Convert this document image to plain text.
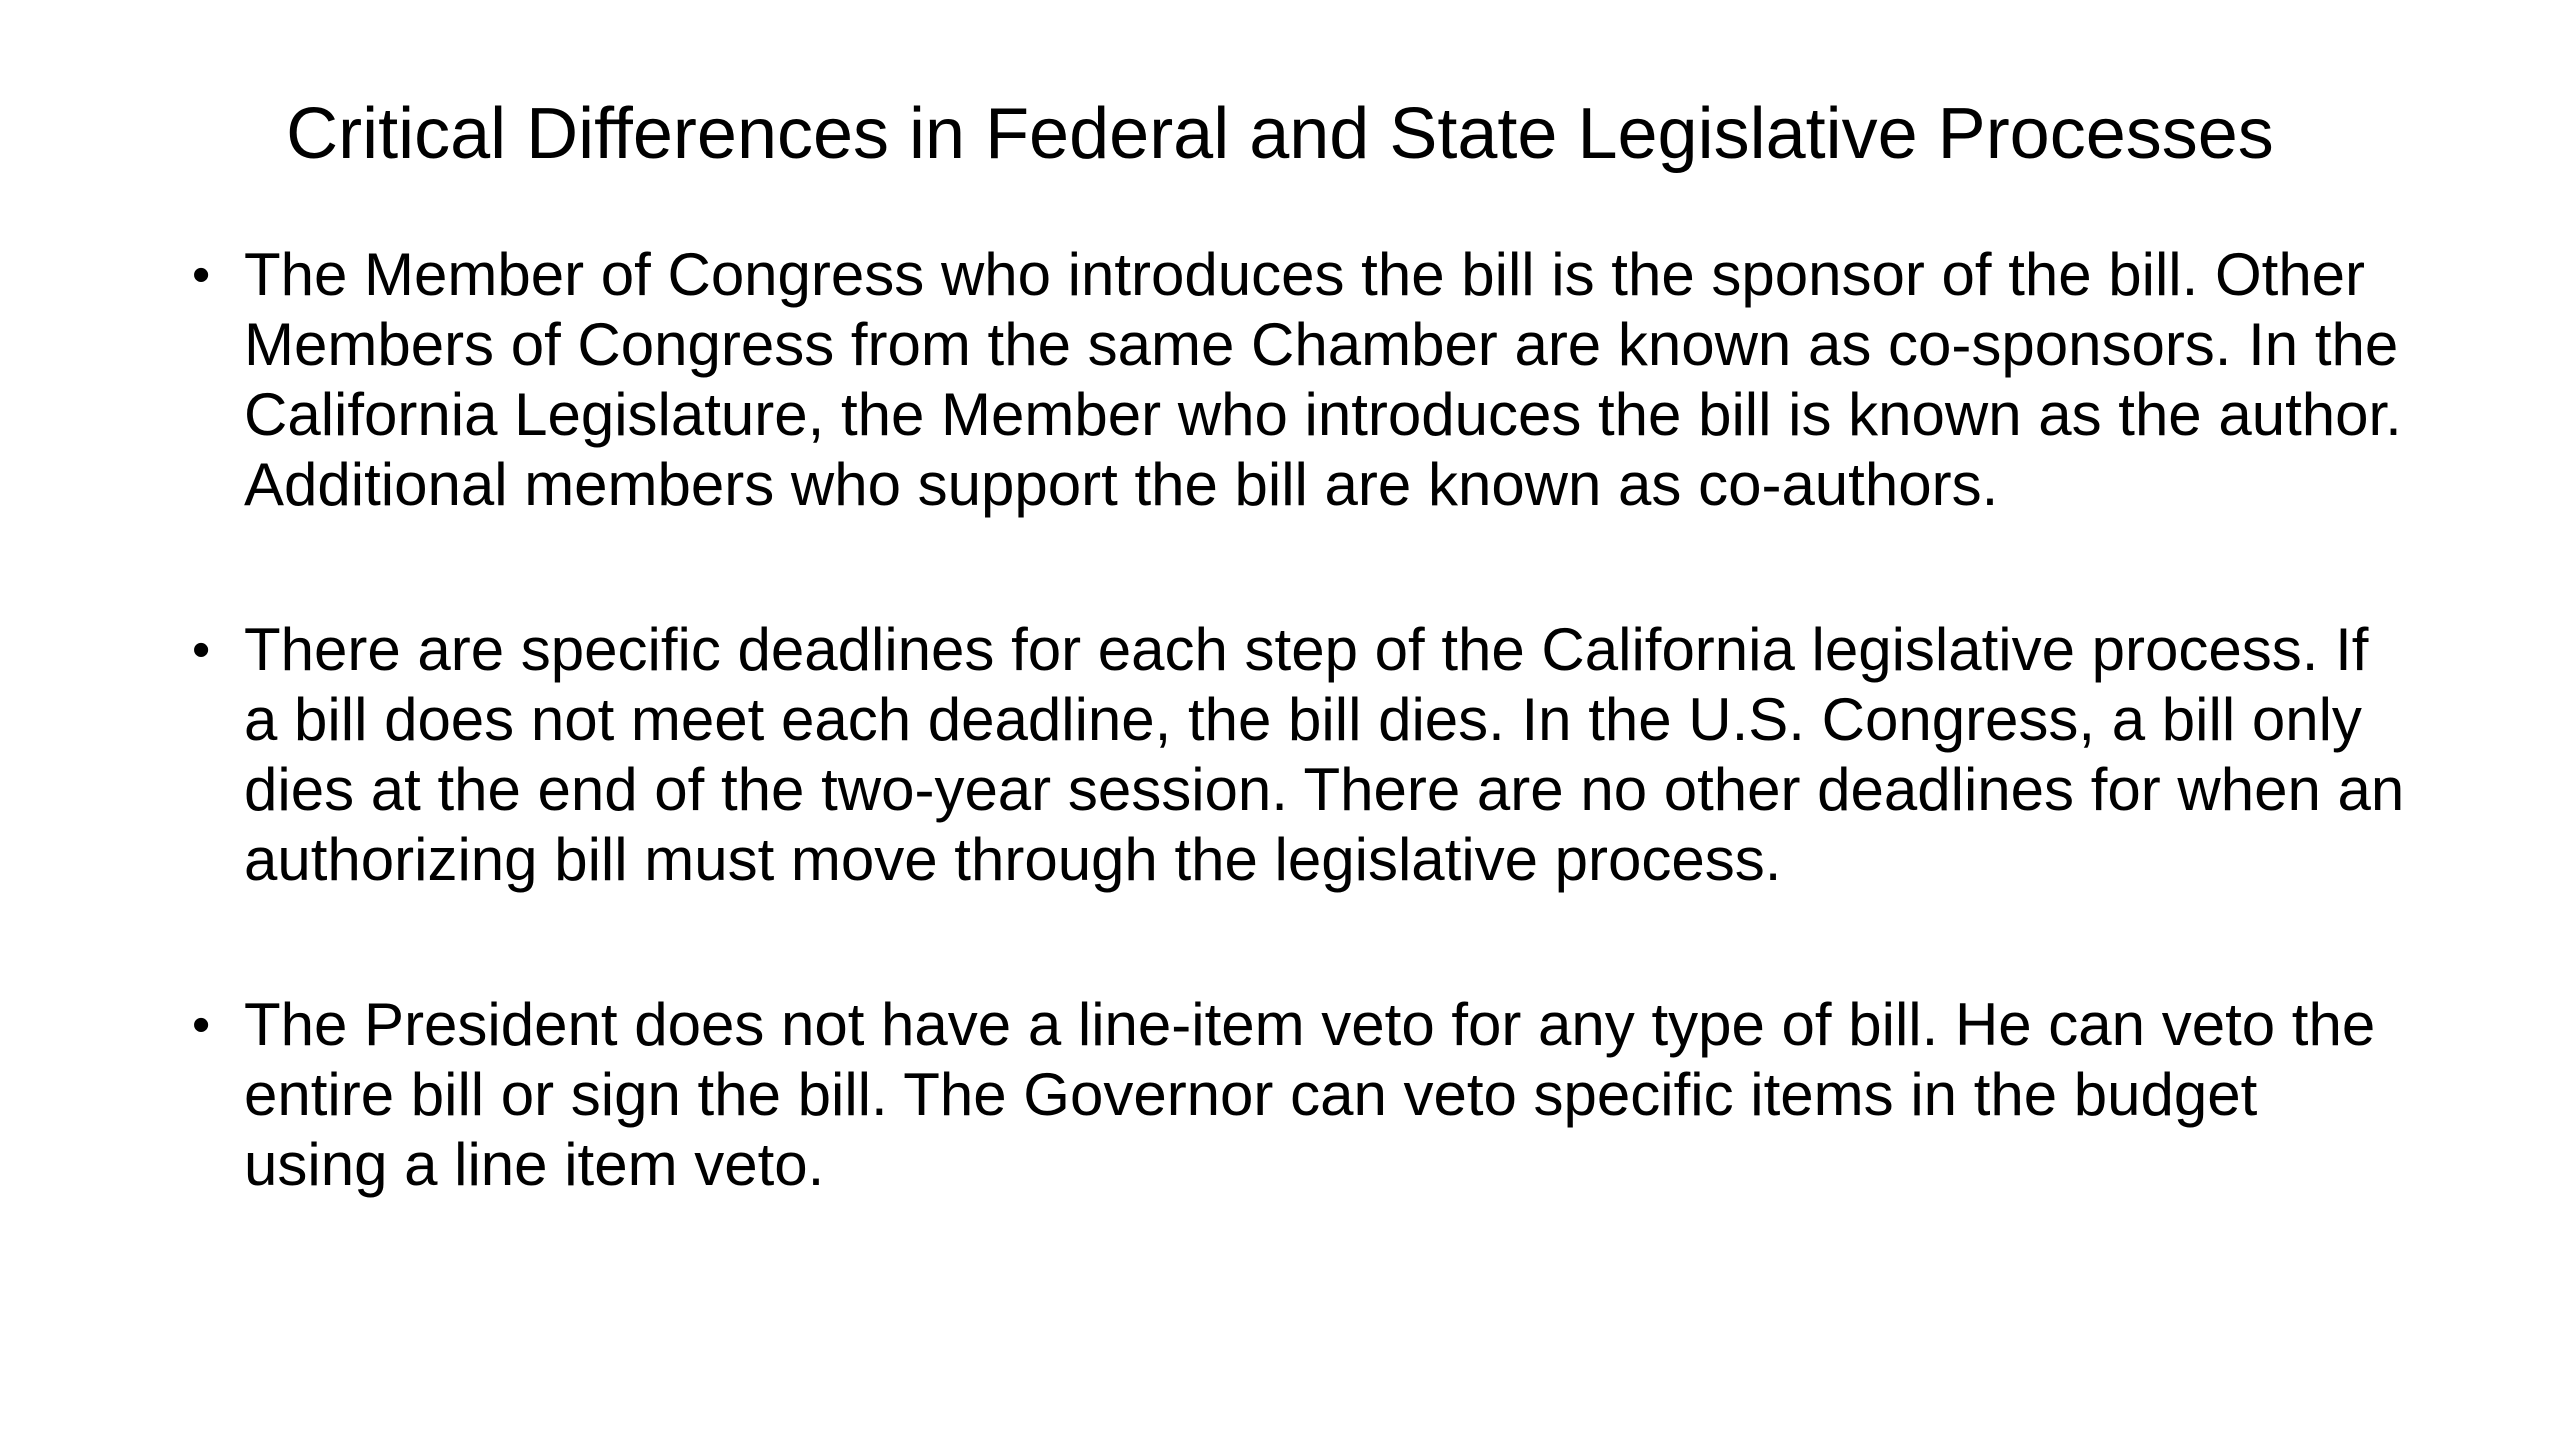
Critical Differences in Federal and State Legislative Processes
• The Member of Congress who introduces the bill is the sponsor of the bill. Other Members of Congress from the same Chamber are known as co-sponsors. In the California Legislature, the Member who introduces the bill is known as the author. Additional members who support the bill are known as co-authors.
• There are specific deadlines for each step of the California legislative process. If a bill does not meet each deadline, the bill dies. In the U.S. Congress, a bill only dies at the end of the two-year session. There are no other deadlines for when an authorizing bill must move through the legislative process.
• The President does not have a line-item veto for any type of bill. He can veto the entire bill or sign the bill. The Governor can veto specific items in the budget using a line item veto.
